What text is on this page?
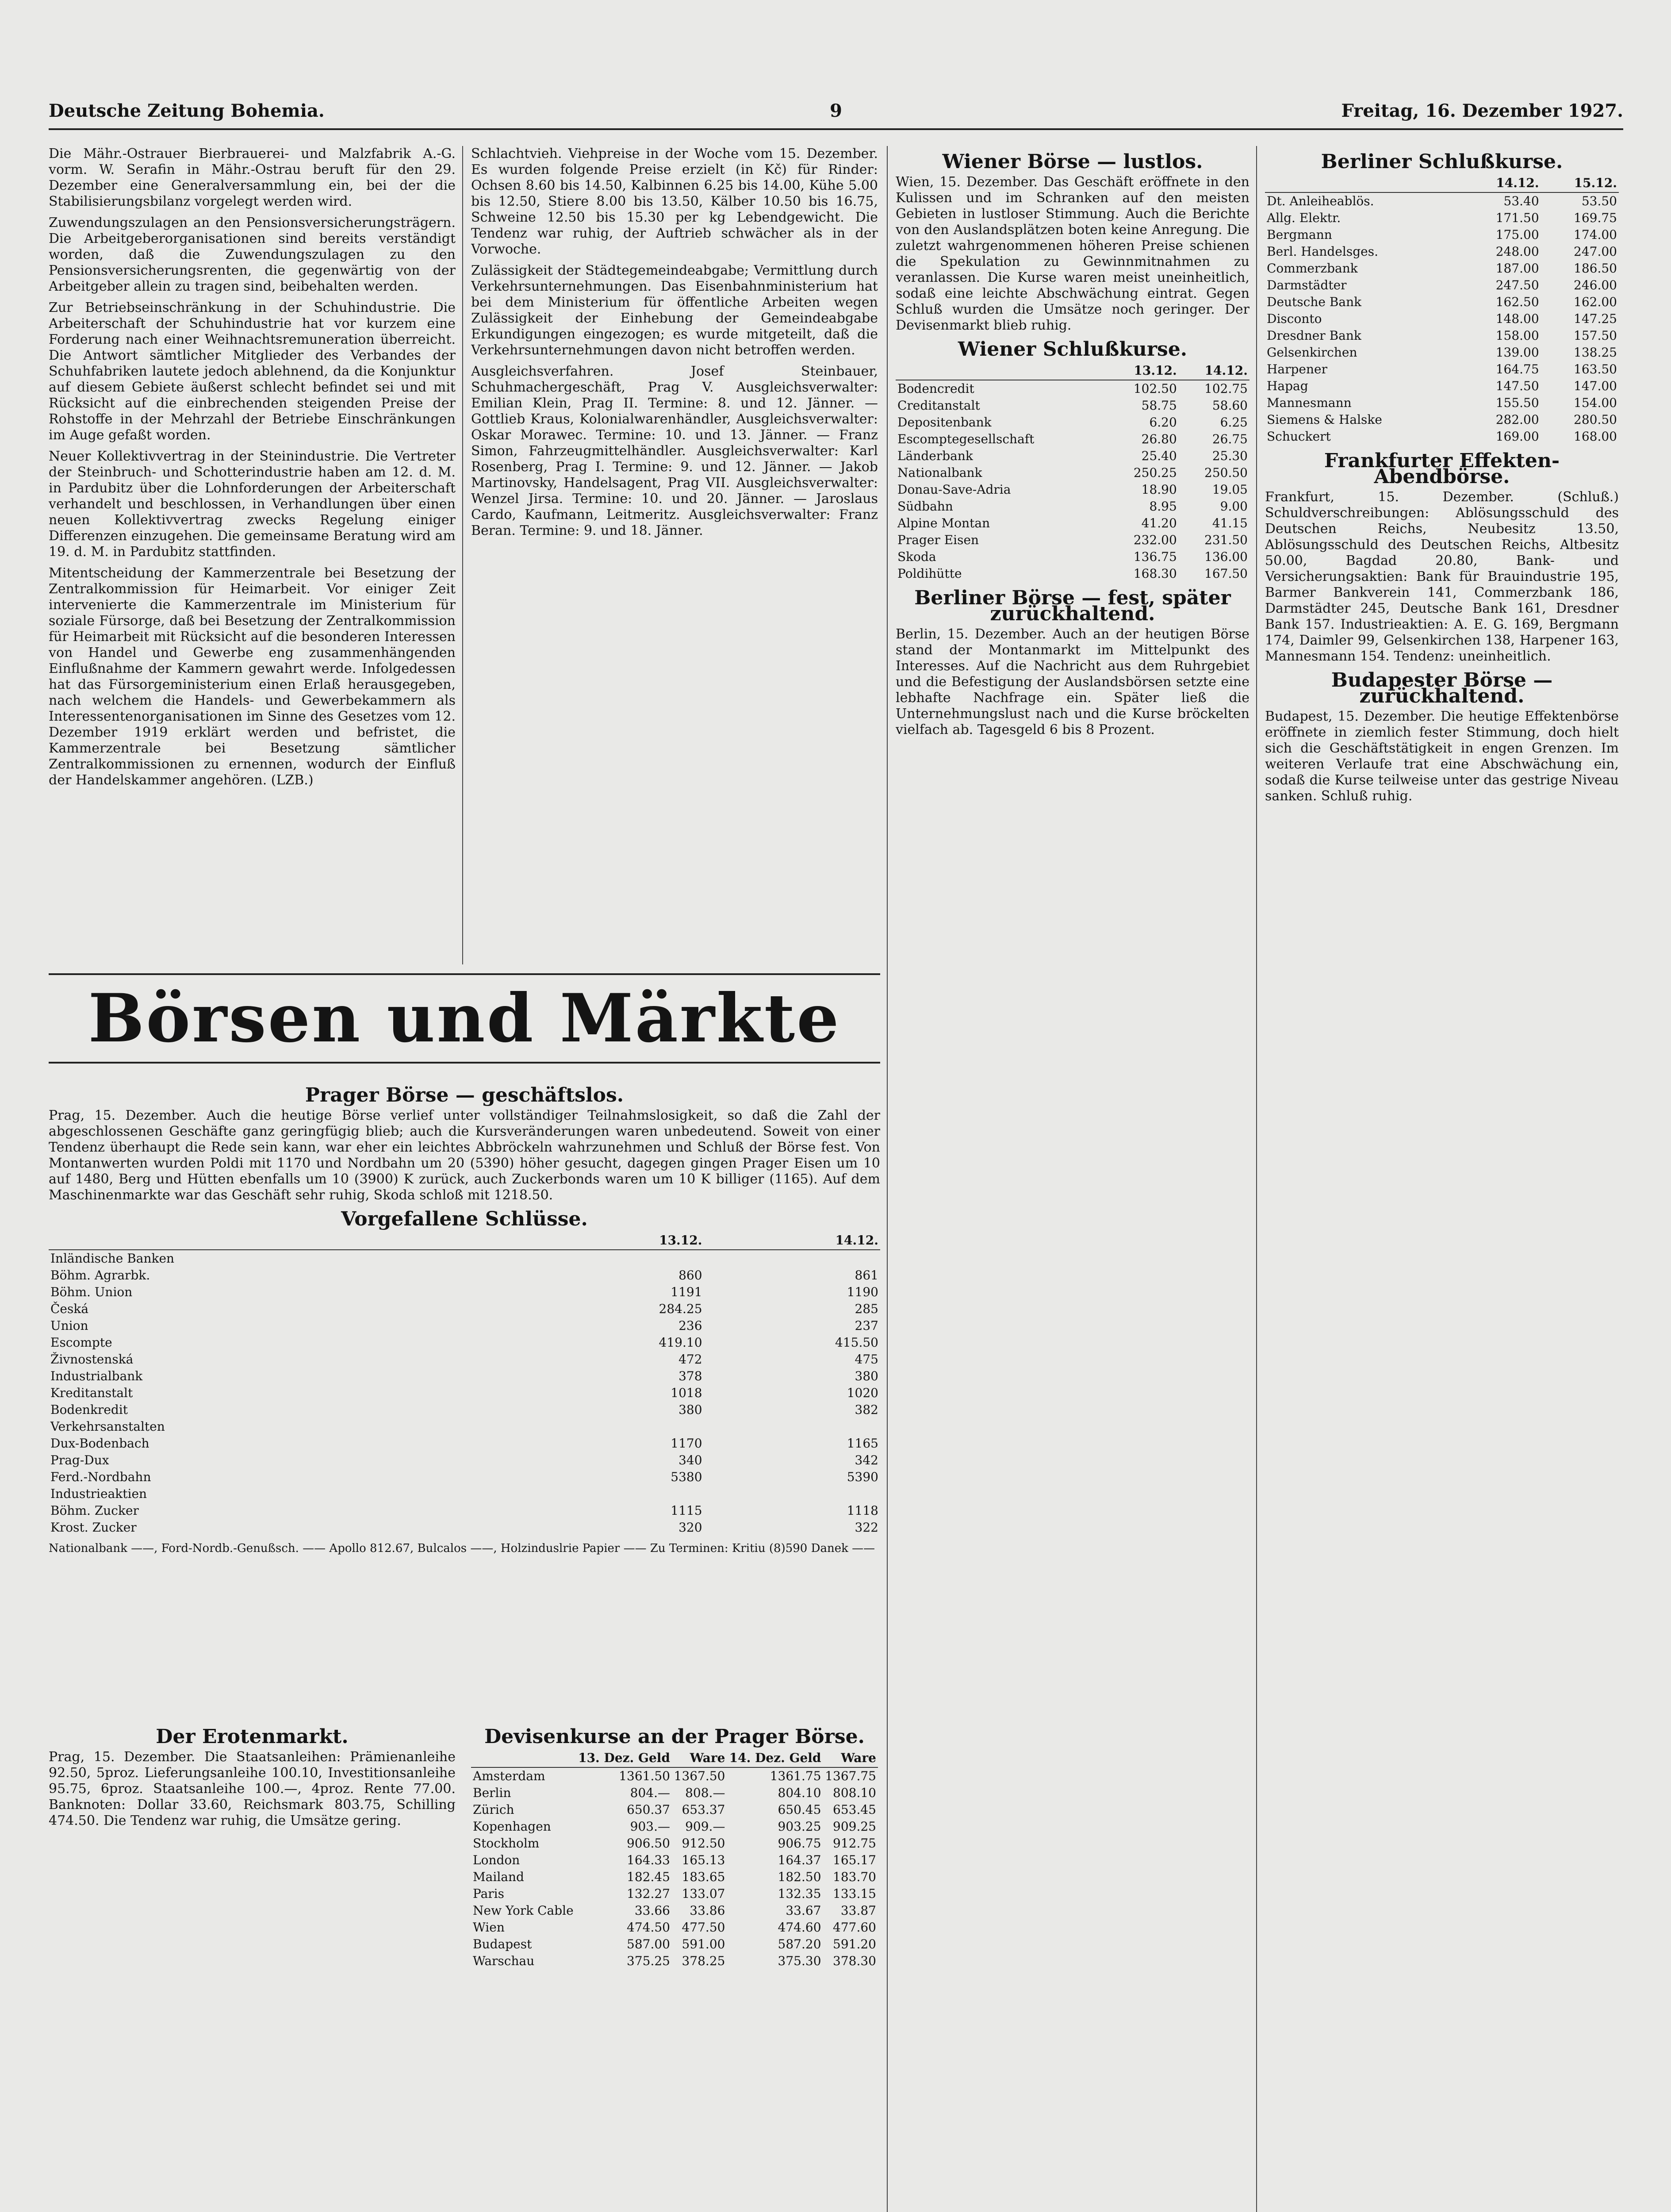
Deutsche Zeitung Bohemia.	9	Freitag, 16. Dezember 1927.

Die Mähr.-Ostrauer Bierbrauerei- und Malzfabrik A.-G. vorm. W. Serafin in Mähr.-Ostrau beruft für den 29. Dezember eine Generalversammlung ein, bei der die Stabilisierungsbilanz vorgelegt werden wird.

Zuwendungszulagen an den Pensionsversicherungsträgern. Die Arbeitgeberorganisationen sind bereits verständigt worden, daß die Zuwendungszulagen zu den Pensionsversicherungsrenten, die gegenwärtig von der Arbeitgeber allein zu tragen sind, beibehalten werden.

Zur Betriebseinschränkung in der Schuhindustrie. Die Arbeiterschaft der Schuhindustrie hat vor kurzem eine Forderung nach einer Weihnachtsremuneration überreicht. Die Antwort sämtlicher Mitglieder des Verbandes der Schuhfabriken lautete jedoch ablehnend, da die Konjunktur auf diesem Gebiete äußerst schlecht befindet sei und mit Rücksicht auf die einbrechenden steigenden Preise der Rohstoffe in der Mehrzahl der Betriebe Einschränkungen im Auge gefaßt worden.

Neuer Kollektivvertrag in der Steinindustrie. Die Vertreter der Steinbruch- und Schotterindustrie haben am 12. d. M. in Pardubitz über die Lohnforderungen der Arbeiterschaft verhandelt und beschlossen, in Verhandlungen über einen neuen Kollektivvertrag zwecks Regelung einiger Differenzen einzugehen. Die gemeinsame Beratung wird am 19. d. M. in Pardubitz stattfinden.

Mitentscheidung der Kammerzentrale bei Besetzung der Zentralkommission für Heimarbeit. Vor einiger Zeit intervenierte die Kammerzentrale im Ministerium für soziale Fürsorge, daß bei Besetzung der Zentralkommission für Heimarbeit mit Rücksicht auf die besonderen Interessen von Handel und Gewerbe eng zusammenhängenden Einflußnahme der Kammern gewahrt werde. Infolgedessen hat das Fürsorgeministerium einen Erlaß herausgegeben, nach welchem die Handels- und Gewerbekammern als Interessentenorganisationen im Sinne des Gesetzes vom 12. Dezember 1919 erklärt werden und befristet, die Kammerzentrale bei Besetzung sämtlicher Zentralkommissionen zu ernennen, wodurch der Einfluß der Handelskammer angehören. (LZB.)

Schlachtvieh. Viehpreise in der Woche vom 15. Dezember. Es wurden folgende Preise erzielt (in Kč) für Rinder: Ochsen 8.60 bis 14.50, Kalbinnen 6.25 bis 14.00, Kühe 5.00 bis 12.50, Stiere 8.00 bis 13.50, Kälber 10.50 bis 16.75, Schweine 12.50 bis 15.30 per kg Lebendgewicht. Die Tendenz war ruhig, der Auftrieb schwächer als in der Vorwoche.

Zulässigkeit der Städtegemeindeabgabe; Vermittlung durch Verkehrsunternehmungen. Das Eisenbahnministerium hat bei dem Ministerium für öffentliche Arbeiten wegen Zulässigkeit der Einhebung der Gemeindeabgabe Erkundigungen eingezogen; es wurde mitgeteilt, daß die Verkehrsunternehmungen davon nicht betroffen werden.

Ausgleichsverfahren. Josef Steinbauer, Schuhmachergeschäft, Prag V. Ausgleichsverwalter: Emilian Klein, Prag II. Termine: 8. und 12. Jänner. — Gottlieb Kraus, Kolonialwarenhändler, Ausgleichsverwalter: Oskar Morawec. Termine: 10. und 13. Jänner. — Franz Simon, Fahrzeugmittelhändler. Ausgleichsverwalter: Karl Rosenberg, Prag I. Termine: 9. und 12. Jänner. — Jakob Martinovsky, Handelsagent, Prag VII. Ausgleichsverwalter: Wenzel Jirsa. Termine: 10. und 20. Jänner. — Jaroslaus Cardo, Kaufmann, Leitmeritz. Ausgleichsverwalter: Franz Beran. Termine: 9. und 18. Jänner.

Börsen und Märkte
Prager Börse — geschäftslos.

Prag, 15. Dezember. Auch die heutige Börse verlief unter vollständiger Teilnahmslosigkeit, so daß die Zahl der abgeschlossenen Geschäfte ganz geringfügig blieb; auch die Kursveränderungen waren unbedeutend. Soweit von einer Tendenz überhaupt die Rede sein kann, war eher ein leichtes Abbröckeln wahrzunehmen und Schluß der Börse fest. Von Montanwerten wurden Poldi mit 1170 und Nordbahn um 20 (5390) höher gesucht, dagegen gingen Prager Eisen um 10 auf 1480, Berg und Hütten ebenfalls um 10 (3900) K zurück, auch Zuckerbonds waren um 10 K billiger (1165). Auf dem Maschinenmarkte war das Geschäft sehr ruhig, Skoda schloß mit 1218.50.

Vorgefallene Schlüsse.
	13.12.	14.12.
Inländische Banken		
Böhm. Agrarbk.	860	861
Böhm. Union	1191	1190
Česká	284.25	285
Union	236	237
Escompte	419.10	415.50
Živnostenská	472	475
Industrialbank	378	380
Kreditanstalt	1018	1020
Bodenkredit	380	382
Verkehrsanstalten		
Dux-Bodenbach	1170	1165
Prag-Dux	340	342
Ferd.-Nordbahn	5380	5390
Industrieaktien		
Böhm. Zucker	1115	1118
Krost. Zucker	320	322
Nationalbank ——, Ford-Nordb.-Genußsch. —— Apollo 812.67, Bulcalos ——, Holzinduslrie Papier —— Zu Terminen: Kritiu (8)590 Danek ——
Der Erotenmarkt.

Prag, 15. Dezember. Die Staatsanleihen: Prämienanleihe 92.50, 5proz. Lieferungsanleihe 100.10, Investitionsanleihe 95.75, 6proz. Staatsanleihe 100.—, 4proz. Rente 77.00. Banknoten: Dollar 33.60, Reichsmark 803.75, Schilling 474.50. Die Tendenz war ruhig, die Umsätze gering.

Devisenkurse an der Prager Börse.
	13. Dez. Geld	Ware	14. Dez. Geld	Ware
Amsterdam	1361.50	1367.50	1361.75	1367.75
Berlin	804.—	808.—	804.10	808.10
Zürich	650.37	653.37	650.45	653.45
Kopenhagen	903.—	909.—	903.25	909.25
Stockholm	906.50	912.50	906.75	912.75
London	164.33	165.13	164.37	165.17
Mailand	182.45	183.65	182.50	183.70
Paris	132.27	133.07	132.35	133.15
New York Cable	33.66	33.86	33.67	33.87
Wien	474.50	477.50	474.60	477.60
Budapest	587.00	591.00	587.20	591.20
Warschau	375.25	378.25	375.30	378.30
Wiener Börse — lustlos.

Wien, 15. Dezember. Das Geschäft eröffnete in den Kulissen und im Schranken auf den meisten Gebieten in lustloser Stimmung. Auch die Berichte von den Auslandsplätzen boten keine Anregung. Die zuletzt wahrgenommenen höheren Preise schienen die Spekulation zu Gewinnmitnahmen zu veranlassen. Die Kurse waren meist uneinheitlich, sodaß eine leichte Abschwächung eintrat. Gegen Schluß wurden die Umsätze noch geringer. Der Devisenmarkt blieb ruhig.

Wiener Schlußkurse.
	13.12.	14.12.
Bodencredit	102.50	102.75
Creditanstalt	58.75	58.60
Depositenbank	6.20	6.25
Escomptegesellschaft	26.80	26.75
Länderbank	25.40	25.30
Nationalbank	250.25	250.50
Donau-Save-Adria	18.90	19.05
Südbahn	8.95	9.00
Alpine Montan	41.20	41.15
Prager Eisen	232.00	231.50
Skoda	136.75	136.00
Poldihütte	168.30	167.50
Berliner Börse — fest, später zurückhaltend.

Berlin, 15. Dezember. Auch an der heutigen Börse stand der Montanmarkt im Mittelpunkt des Interesses. Auf die Nachricht aus dem Ruhrgebiet und die Befestigung der Auslandsbörsen setzte eine lebhafte Nachfrage ein. Später ließ die Unternehmungslust nach und die Kurse bröckelten vielfach ab. Tagesgeld 6 bis 8 Prozent.

Berliner Schlußkurse.
	14.12.	15.12.
Dt. Anleiheablös.	53.40	53.50
Allg. Elektr.	171.50	169.75
Bergmann	175.00	174.00
Berl. Handelsges.	248.00	247.00
Commerzbank	187.00	186.50
Darmstädter	247.50	246.00
Deutsche Bank	162.50	162.00
Disconto	148.00	147.25
Dresdner Bank	158.00	157.50
Gelsenkirchen	139.00	138.25
Harpener	164.75	163.50
Hapag	147.50	147.00
Mannesmann	155.50	154.00
Siemens & Halske	282.00	280.50
Schuckert	169.00	168.00
Frankfurter Effekten-Abendbörse.

Frankfurt, 15. Dezember. (Schluß.) Schuldverschreibungen: Ablösungsschuld des Deutschen Reichs, Neubesitz 13.50, Ablösungsschuld des Deutschen Reichs, Altbesitz 50.00, Bagdad 20.80, Bank- und Versicherungsaktien: Bank für Brauindustrie 195, Barmer Bankverein 141, Commerzbank 186, Darmstädter 245, Deutsche Bank 161, Dresdner Bank 157. Industrieaktien: A. E. G. 169, Bergmann 174, Daimler 99, Gelsenkirchen 138, Harpener 163, Mannesmann 154. Tendenz: uneinheitlich.

Budapester Börse — zurückhaltend.

Budapest, 15. Dezember. Die heutige Effektenbörse eröffnete in ziemlich fester Stimmung, doch hielt sich die Geschäftstätigkeit in engen Grenzen. Im weiteren Verlaufe trat eine Abschwächung ein, sodaß die Kurse teilweise unter das gestrige Niveau sanken. Schluß ruhig.
